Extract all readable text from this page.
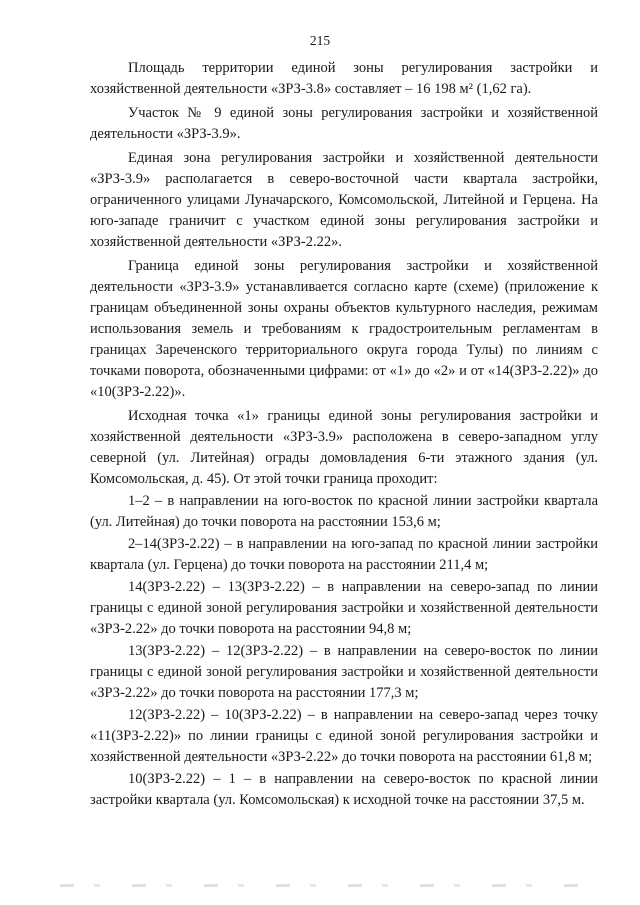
215

Площадь территории единой зоны регулирования застройки и хозяйственной деятельности «ЗРЗ-3.8» составляет – 16 198 м² (1,62 га).

Участок № 9 единой зоны регулирования застройки и хозяйственной деятельности «ЗРЗ-3.9».

Единая зона регулирования застройки и хозяйственной деятельности «ЗРЗ-3.9» располагается в северо-восточной части квартала застройки, ограниченного улицами Луначарского, Комсомольской, Литейной и Герцена. На юго-западе граничит с участком единой зоны регулирования застройки и хозяйственной деятельности «ЗРЗ-2.22».

Граница единой зоны регулирования застройки и хозяйственной деятельности «ЗРЗ-3.9» устанавливается согласно карте (схеме) (приложение к границам объединенной зоны охраны объектов культурного наследия, режимам использования земель и требованиям к градостроительным регламентам в границах Зареченского территориального округа города Тулы) по линиям с точками поворота, обозначенными цифрами: от «1» до «2» и от «14(ЗРЗ-2.22)» до «10(ЗРЗ-2.22)».

Исходная точка «1» границы единой зоны регулирования застройки и хозяйственной деятельности «ЗРЗ-3.9» расположена в северо-западном углу северной (ул. Литейная) ограды домовладения 6-ти этажного здания (ул. Комсомольская, д. 45). От этой точки граница проходит:

1–2 – в направлении на юго-восток по красной линии застройки квартала (ул. Литейная) до точки поворота на расстоянии 153,6 м;

2–14(ЗРЗ-2.22) – в направлении на юго-запад по красной линии застройки квартала (ул. Герцена) до точки поворота на расстоянии 211,4 м;

14(ЗРЗ-2.22) – 13(ЗРЗ-2.22) – в направлении на северо-запад по линии границы с единой зоной регулирования застройки и хозяйственной деятельности «ЗРЗ-2.22» до точки поворота на расстоянии 94,8 м;

13(ЗРЗ-2.22) – 12(ЗРЗ-2.22) – в направлении на северо-восток по линии границы с единой зоной регулирования застройки и хозяйственной деятельности «ЗРЗ-2.22» до точки поворота на расстоянии 177,3 м;

12(ЗРЗ-2.22) – 10(ЗРЗ-2.22) – в направлении на северо-запад через точку «11(ЗРЗ-2.22)» по линии границы с единой зоной регулирования застройки и хозяйственной деятельности «ЗРЗ-2.22» до точки поворота на расстоянии 61,8 м;

10(ЗРЗ-2.22) – 1 – в направлении на северо-восток по красной линии застройки квартала (ул. Комсомольская) к исходной точке на расстоянии 37,5 м.
